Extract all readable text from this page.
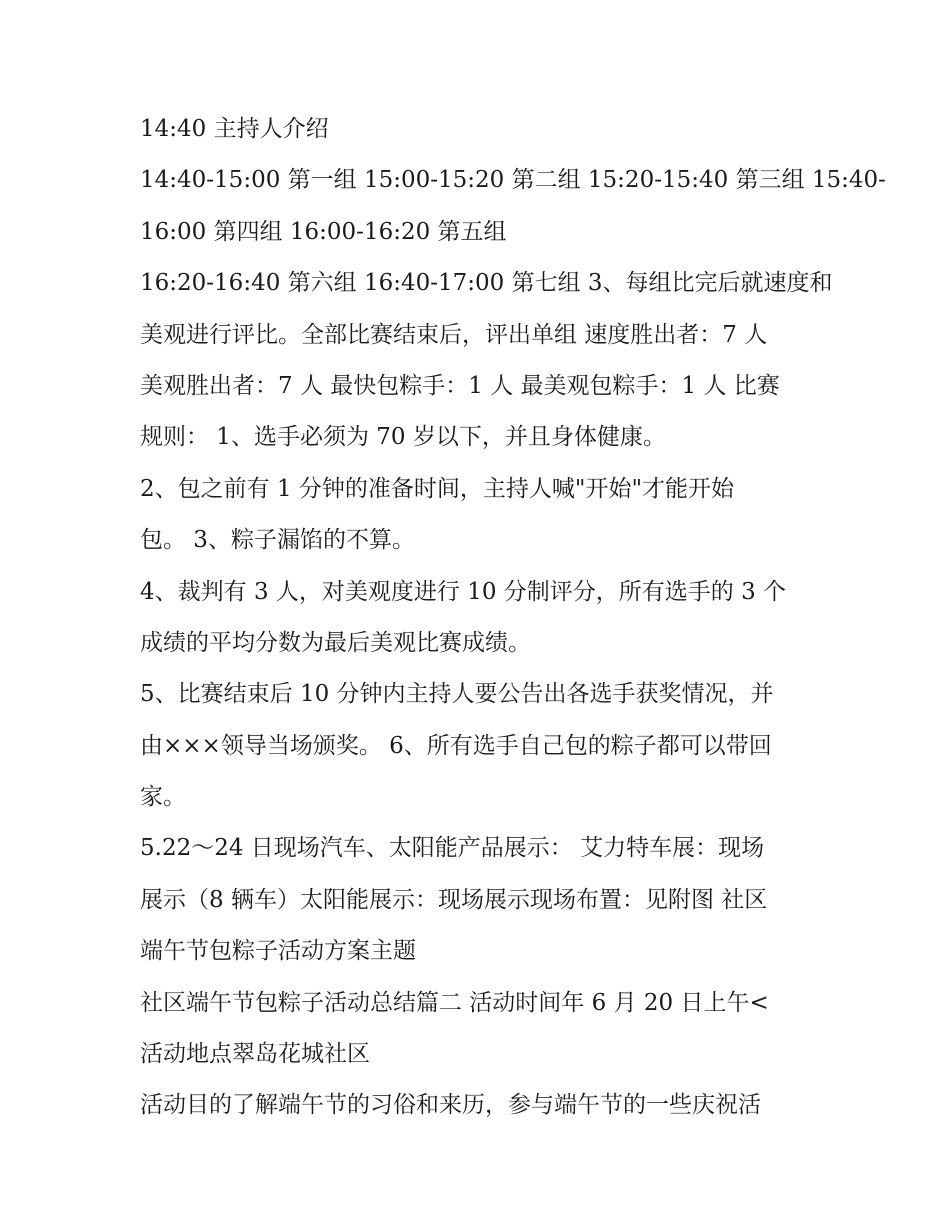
14:40 主持人介绍
14:40-15:00 第一组 15:00-15:20 第二组 15:20-15:40 第三组 15:40-
16:00 第四组 16:00-16:20 第五组
16:20-16:40 第六组 16:40-17:00 第七组 3、每组比完后就速度和
美观进行评比。全部比赛结束后，评出单组 速度胜出者：7 人
美观胜出者：7 人 最快包粽手：1 人 最美观包粽手：1 人 比赛
规则： 1、选手必须为 70 岁以下，并且身体健康。
2、包之前有 1 分钟的准备时间，主持人喊"开始"才能开始
包。 3、粽子漏馅的不算。
4、裁判有 3 人，对美观度进行 10 分制评分，所有选手的 3 个
成绩的平均分数为最后美观比赛成绩。
5、比赛结束后 10 分钟内主持人要公告出各选手获奖情况，并
由×××领导当场颁奖。 6、所有选手自己包的粽子都可以带回
家。
5.22～24 日现场汽车、太阳能产品展示： 艾力特车展：现场
展示（8 辆车）太阳能展示：现场展示现场布置：见附图 社区
端午节包粽子活动方案主题
社区端午节包粽子活动总结篇二 活动时间年 6 月 20 日上午<
活动地点翠岛花城社区
活动目的了解端午节的习俗和来历，参与端午节的一些庆祝活
